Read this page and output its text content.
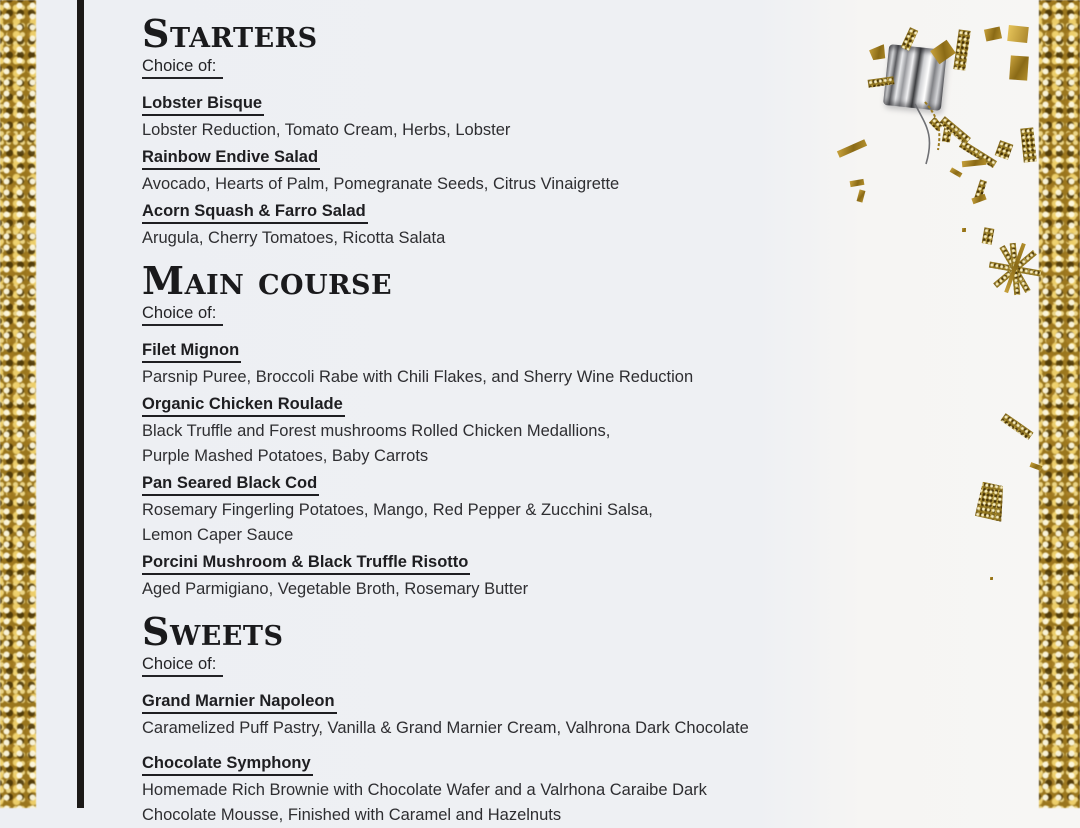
Starters
Choice of:
Lobster Bisque
Lobster Reduction, Tomato Cream, Herbs, Lobster
Rainbow Endive Salad
Avocado, Hearts of Palm, Pomegranate Seeds, Citrus Vinaigrette
Acorn Squash & Farro Salad
Arugula, Cherry Tomatoes, Ricotta Salata
Main course
Choice of:
Filet Mignon
Parsnip Puree, Broccoli Rabe with Chili Flakes, and Sherry Wine Reduction
Organic Chicken Roulade
Black Truffle and Forest mushrooms Rolled Chicken Medallions,
Purple Mashed Potatoes, Baby Carrots
Pan Seared Black Cod
Rosemary Fingerling Potatoes, Mango, Red Pepper & Zucchini Salsa,
Lemon Caper Sauce
Porcini Mushroom & Black Truffle Risotto
Aged Parmigiano, Vegetable Broth, Rosemary Butter
Sweets
Choice of:
Grand Marnier Napoleon
Caramelized Puff Pastry, Vanilla & Grand Marnier Cream, Valhrona Dark Chocolate
Chocolate Symphony
Homemade Rich Brownie with Chocolate Wafer and a Valrhona Caraibe Dark
Chocolate Mousse, Finished with Caramel and Hazelnuts
